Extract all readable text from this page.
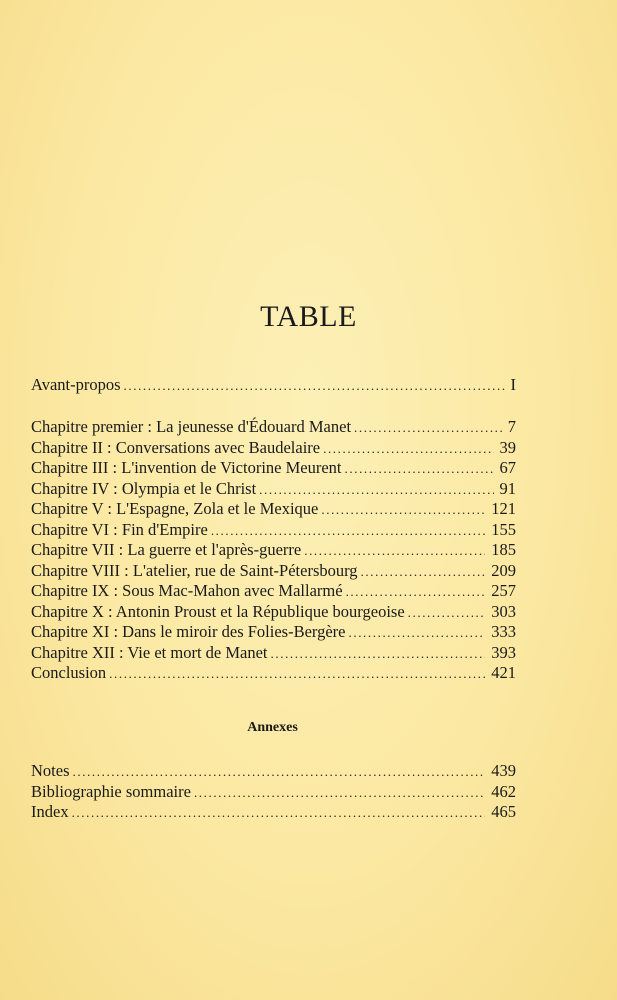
TABLE
Avant-propos .....	I
Chapitre premier : La jeunesse d'Édouard Manet .....	7
Chapitre II : Conversations avec Baudelaire .....	39
Chapitre III : L'invention de Victorine Meurent .....	67
Chapitre IV : Olympia et le Christ .....	91
Chapitre V : L'Espagne, Zola et le Mexique .....	121
Chapitre VI : Fin d'Empire .....	155
Chapitre VII : La guerre et l'après-guerre .....	185
Chapitre VIII : L'atelier, rue de Saint-Pétersbourg .....	209
Chapitre IX : Sous Mac-Mahon avec Mallarmé .....	257
Chapitre X : Antonin Proust et la République bourgeoise .....	303
Chapitre XI : Dans le miroir des Folies-Bergère .....	333
Chapitre XII : Vie et mort de Manet .....	393
Conclusion .....	421
Annexes
Notes .....	439
Bibliographie sommaire .....	462
Index .....	465
